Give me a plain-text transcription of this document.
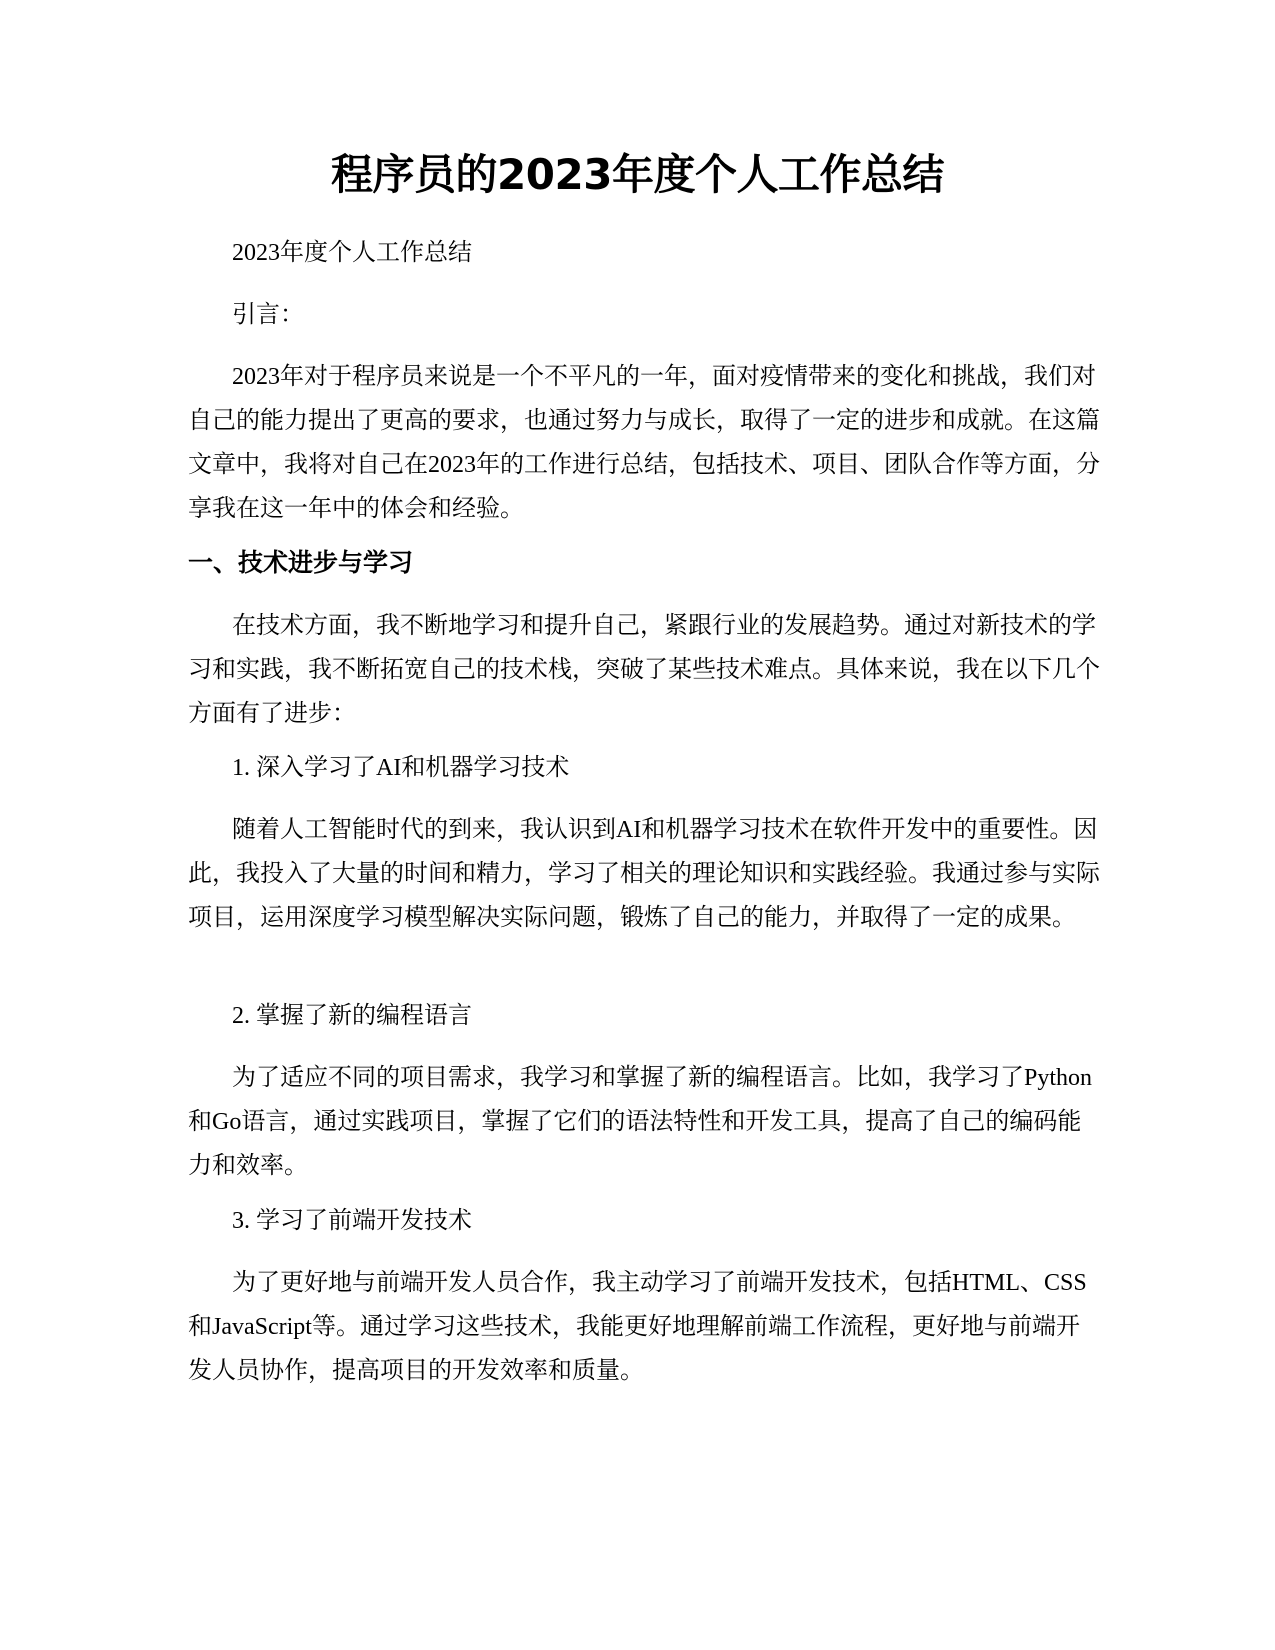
程序员的2023年度个人工作总结

2023年度个人工作总结

引言：

2023年对于程序员来说是一个不平凡的一年，面对疫情带来的变化和挑战，我们对自己的能力提出了更高的要求，也通过努力与成长，取得了一定的进步和成就。在这篇文章中，我将对自己在2023年的工作进行总结，包括技术、项目、团队合作等方面，分享我在这一年中的体会和经验。

一、技术进步与学习

在技术方面，我不断地学习和提升自己，紧跟行业的发展趋势。通过对新技术的学习和实践，我不断拓宽自己的技术栈，突破了某些技术难点。具体来说，我在以下几个方面有了进步：

1. 深入学习了AI和机器学习技术

随着人工智能时代的到来，我认识到AI和机器学习技术在软件开发中的重要性。因此，我投入了大量的时间和精力，学习了相关的理论知识和实践经验。我通过参与实际项目，运用深度学习模型解决实际问题，锻炼了自己的能力，并取得了一定的成果。

2. 掌握了新的编程语言

为了适应不同的项目需求，我学习和掌握了新的编程语言。比如，我学习了Python和Go语言，通过实践项目，掌握了它们的语法特性和开发工具，提高了自己的编码能力和效率。

3. 学习了前端开发技术

为了更好地与前端开发人员合作，我主动学习了前端开发技术，包括HTML、CSS和JavaScript等。通过学习这些技术，我能更好地理解前端工作流程，更好地与前端开发人员协作，提高项目的开发效率和质量。
